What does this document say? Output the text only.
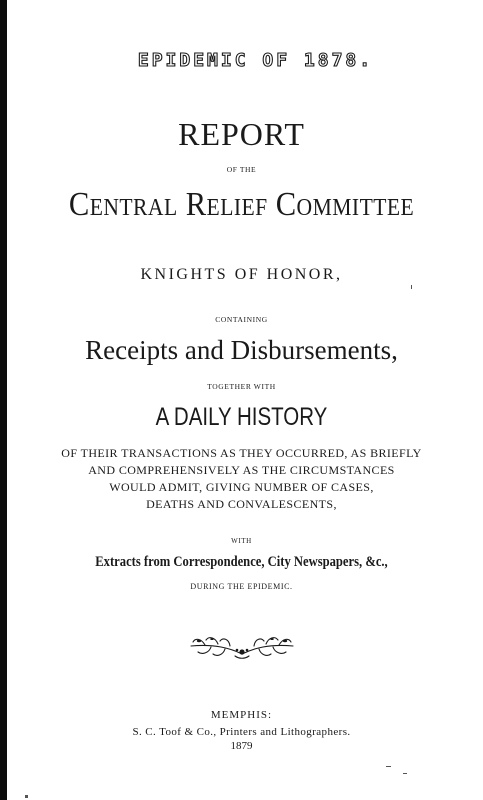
EPIDEMIC OF 1878.
REPORT
OF THE
Central Relief Committee
KNIGHTS OF HONOR,
CONTAINING
Receipts and Disbursements,
TOGETHER WITH
A DAILY HISTORY
OF THEIR TRANSACTIONS AS THEY OCCURRED, AS BRIEFLY
AND COMPREHENSIVELY AS THE CIRCUMSTANCES
WOULD ADMIT, GIVING NUMBER OF CASES,
DEATHS AND CONVALESCENTS,
WITH
Extracts from Correspondence, City Newspapers, &c.,
DURING THE EPIDEMIC.
MEMPHIS:
S. C. Toof & Co., Printers and Lithographers.
1879
